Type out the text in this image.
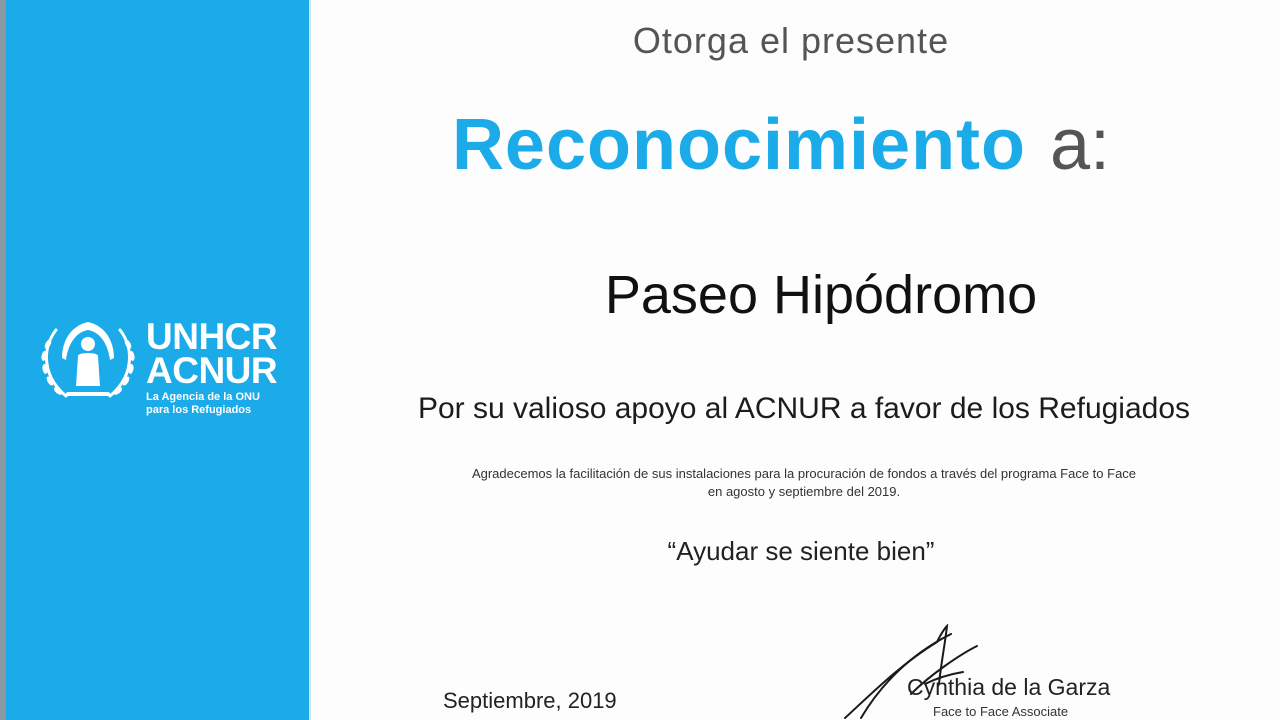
UNHCR
ACNUR
La Agencia de la ONU
para los Refugiados
Otorga el presente
Reconocimiento a:
Paseo Hipódromo
Por su valioso apoyo al ACNUR a favor de los Refugiados
Agradecemos la facilitación de sus instalaciones para la procuración de fondos a través del programa Face to Face
en agosto y septiembre del 2019.
“Ayudar se siente bien”
Septiembre, 2019
Cynthia de la Garza
Face to Face Associate
